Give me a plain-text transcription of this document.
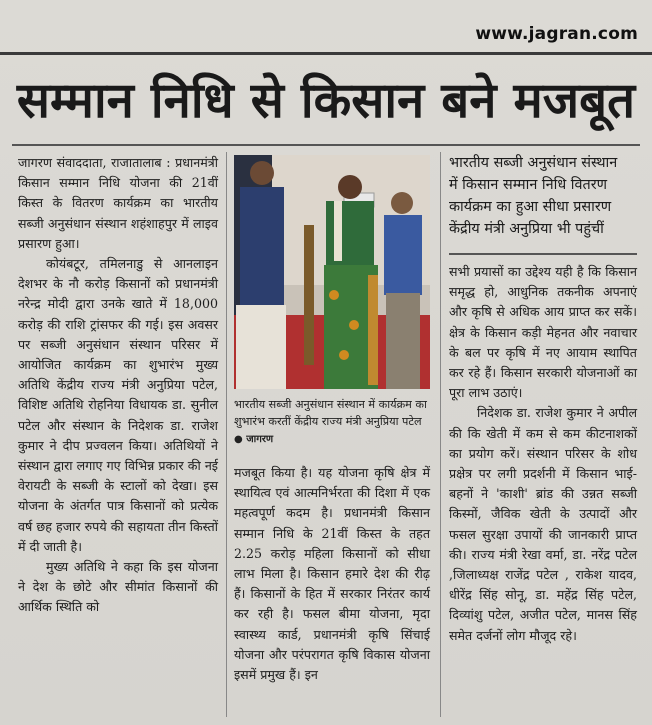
www.jagran.com
सम्मान निधि से किसान बने मजबूत

जागरण संवाददाता, राजातालाब : प्रधानमंत्री किसान सम्मान निधि योजना की 21वीं किस्त के वितरण कार्यक्रम का भारतीय सब्जी अनुसंधान संस्थान शहंशाहपुर में लाइव प्रसारण हुआ।

कोयंबटूर, तमिलनाडु से आनलाइन देशभर के नौ करोड़ किसानों को प्रधानमंत्री नरेन्द्र मोदी द्वारा उनके खाते में 18,000 करोड़ की राशि ट्रांसफर की गई। इस अवसर पर सब्जी अनुसंधान संस्थान परिसर में आयोजित कार्यक्रम का शुभारंभ मुख्य अतिथि केंद्रीय राज्य मंत्री अनुप्रिया पटेल, विशिष्ट अतिथि रोहनिया विधायक डा. सुनील पटेल और संस्थान के निदेशक डा. राजेश कुमार ने दीप प्रज्वलन किया। अतिथियों ने संस्थान द्वारा लगाए गए विभिन्न प्रकार की नई वेरायटी के सब्जी के स्टालों को देखा। इस योजना के अंतर्गत पात्र किसानों को प्रत्येक वर्ष छह हजार रुपये की सहायता तीन किस्तों में दी जाती है।

मुख्य अतिथि ने कहा कि इस योजना ने देश के छोटे और सीमांत किसानों की आर्थिक स्थिति को

भारतीय सब्जी अनुसंधान संस्थान में कार्यक्रम का शुभारंभ करतीं केंद्रीय राज्य मंत्री अनुप्रिया पटेल ● जागरण

मजबूत किया है। यह योजना कृषि क्षेत्र में स्थायित्व एवं आत्मनिर्भरता की दिशा में एक महत्वपूर्ण कदम है। प्रधानमंत्री किसान सम्मान निधि के 21वीं किस्त के तहत 2.25 करोड़ महिला किसानों को सीधा लाभ मिला है। किसान हमारे देश की रीढ़ हैं। किसानों के हित में सरकार निरंतर कार्य कर रही है। फसल बीमा योजना, मृदा स्वास्थ्य कार्ड, प्रधानमंत्री कृषि सिंचाई योजना और परंपरागत कृषि विकास योजना इसमें प्रमुख हैं। इन

भारतीय सब्जी अनुसंधान संस्थान
में किसान सम्मान निधि वितरण
कार्यक्रम का हुआ सीधा प्रसारण
केंद्रीय मंत्री अनुप्रिया भी पहुंचीं

सभी प्रयासों का उद्देश्य यही है कि किसान समृद्ध हो, आधुनिक तकनीक अपनाएं और कृषि से अधिक आय प्राप्त कर सकें। क्षेत्र के किसान कड़ी मेहनत और नवाचार के बल पर कृषि में नए आयाम स्थापित कर रहे हैं। किसान सरकारी योजनाओं का पूरा लाभ उठाएं।

निदेशक डा. राजेश कुमार ने अपील की कि खेती में कम से कम कीटनाशकों का प्रयोग करें। संस्थान परिसर के शोध प्रक्षेत्र पर लगी प्रदर्शनी में किसान भाई-बहनों ने 'काशी' ब्रांड की उन्नत सब्जी किस्मों, जैविक खेती के उत्पादों और फसल सुरक्षा उपायों की जानकारी प्राप्त की। राज्य मंत्री रेखा वर्मा, डा. नरेंद्र पटेल ,जिलाध्यक्ष राजेंद्र पटेल , राकेश यादव, धीरेंद्र सिंह सोनू, डा. महेंद्र सिंह पटेल, दिव्यांशु पटेल, अजीत पटेल, मानस सिंह समेत दर्जनों लोग मौजूद रहे।
